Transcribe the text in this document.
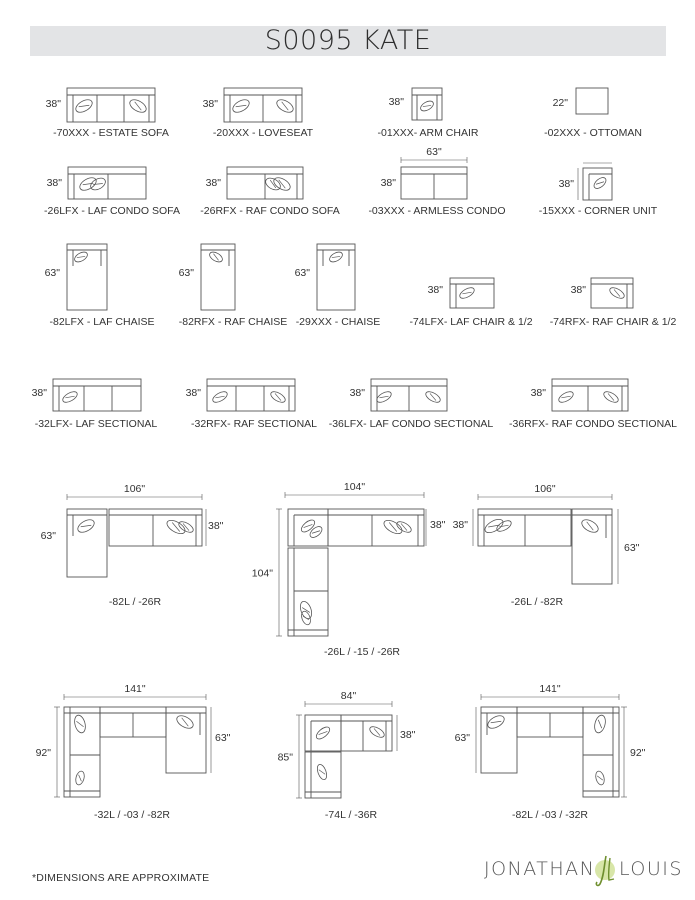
S0095 KATE
38"
-70XXX - ESTATE SOFA
38"
-20XXX - LOVESEAT
38"
-01XXX- ARM CHAIR
22"
-02XXX - OTTOMAN
38"
-26LFX - LAF CONDO SOFA
38"
-26RFX - RAF CONDO SOFA
63"
38"
-03XXX - ARMLESS CONDO
38"
-15XXX - CORNER UNIT
63"
-82LFX - LAF CHAISE
63"
-82RFX - RAF CHAISE
63"
-29XXX - CHAISE
38"
-74LFX- LAF CHAIR & 1/2
38"
-74RFX- RAF CHAIR & 1/2
38"
-32LFX- LAF SECTIONAL
38"
-32RFX- RAF SECTIONAL
38"
-36LFX- LAF CONDO SECTIONAL
38"
-36RFX- RAF CONDO SECTIONAL
106"
63"
38"
-82L / -26R
104"
38"
104"
-26L / -15 / -26R
106"
38"
63"
-26L / -82R
141"
92"
63"
-32L / -03 / -82R
84"
85"
38"
-74L / -36R
141"
63"
92"
-82L / -03 / -32R
*DIMENSIONS ARE APPROXIMATE	JONATHAN LOUIS
